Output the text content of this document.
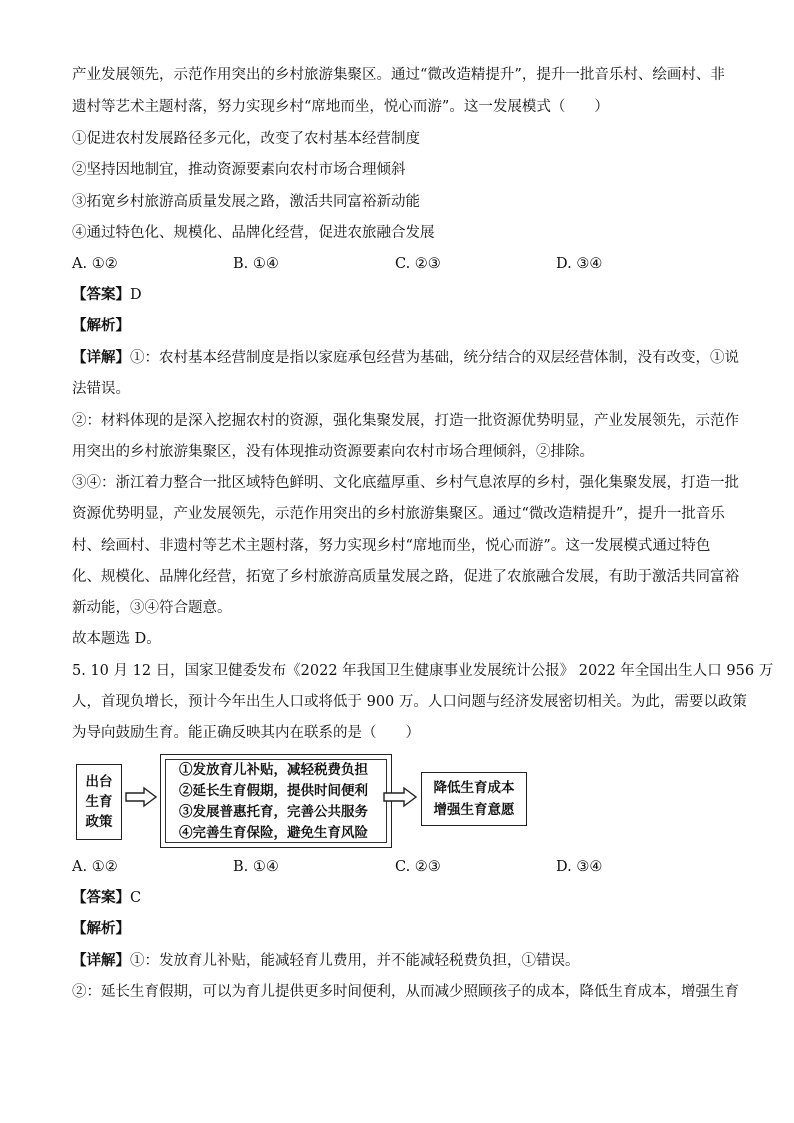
产业发展领先，示范作用突出的乡村旅游集聚区。通过“微改造精提升”，提升一批音乐村、绘画村、非
遗村等艺术主题村落，努力实现乡村“席地而坐，悦心而游”。这一发展模式（　　）
①促进农村发展路径多元化，改变了农村基本经营制度
②坚持因地制宜，推动资源要素向农村市场合理倾斜
③拓宽乡村旅游高质量发展之路，激活共同富裕新动能
④通过特色化、规模化、品牌化经营，促进农旅融合发展
A. ①②	B. ①④	C. ②③	D. ③④
【答案】D
【解析】
【详解】①：农村基本经营制度是指以家庭承包经营为基础，统分结合的双层经营体制，没有改变，①说
法错误。
②：材料体现的是深入挖掘农村的资源，强化集聚发展，打造一批资源优势明显，产业发展领先，示范作
用突出的乡村旅游集聚区，没有体现推动资源要素向农村市场合理倾斜，②排除。
③④：浙江着力整合一批区域特色鲜明、文化底蕴厚重、乡村气息浓厚的乡村，强化集聚发展，打造一批
资源优势明显，产业发展领先，示范作用突出的乡村旅游集聚区。通过“微改造精提升”，提升一批音乐
村、绘画村、非遗村等艺术主题村落，努力实现乡村“席地而坐，悦心而游”。这一发展模式通过特色
化、规模化、品牌化经营，拓宽了乡村旅游高质量发展之路，促进了农旅融合发展，有助于激活共同富裕
新动能，③④符合题意。
故本题选 D。
5. 10 月 12 日，国家卫健委发布《2022 年我国卫生健康事业发展统计公报》 2022 年全国出生人口 956 万
人，首现负增长，预计今年出生人口或将低于 900 万。人口问题与经济发展密切相关。为此，需要以政策
为导向鼓励生育。能正确反映其内在联系的是（　　）
出台
生育
政策
①发放育儿补贴，减轻税费负担
②延长生育假期，提供时间便利
③发展普惠托育，完善公共服务
④完善生育保险，避免生育风险
降低生育成本
增强生育意愿
A. ①②	B. ①④	C. ②③	D. ③④
【答案】C
【解析】
【详解】①：发放育儿补贴，能减轻育儿费用，并不能减轻税费负担，①错误。
②：延长生育假期，可以为育儿提供更多时间便利，从而减少照顾孩子的成本，降低生育成本，增强生育
